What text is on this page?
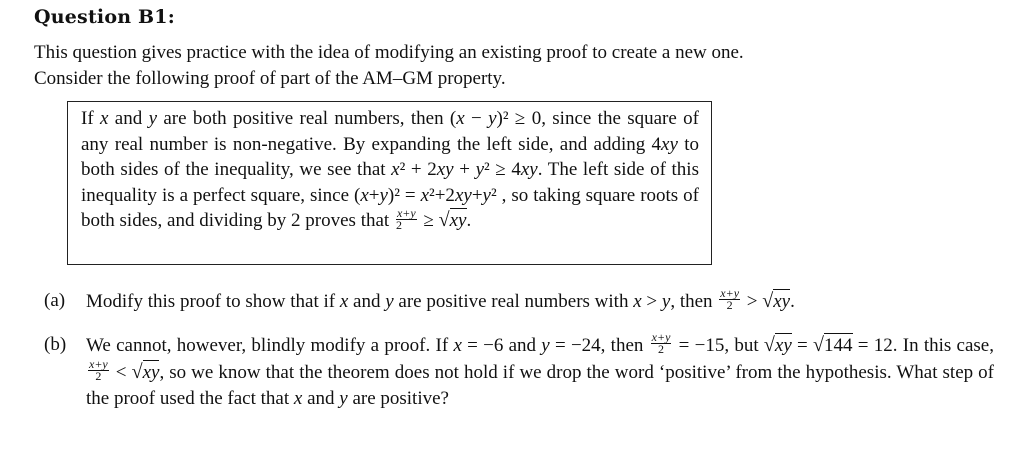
Question B1:
This question gives practice with the idea of modifying an existing proof to create a new one.
Consider the following proof of part of the AM–GM property.
If x and y are both positive real numbers, then (x − y)² ≥ 0, since the square of any real number is non-negative. By expanding the left side, and adding 4xy to both sides of the inequality, we see that x² + 2xy + y² ≥ 4xy. The left side of this inequality is a perfect square, since (x+y)² = x²+2xy+y² , so taking square roots of both sides, and dividing by 2 proves that $\frac{x+y}{2} \ge √xy$.
(a) Modify this proof to show that if x and y are positive real numbers with x > y, then $\frac{x+y}{2} > √xy$.
(b) We cannot, however, blindly modify a proof. If x = −6 and y = −24, then $\frac{x+y}{2} = -15$, but √xy = √144 = 12. In this case,
$\frac{x+y}{2} < √xy$, so we know that the theorem does not hold if we drop the word ‘positive’ from the hypothesis. What step of the proof used the fact that x and y are positive?
